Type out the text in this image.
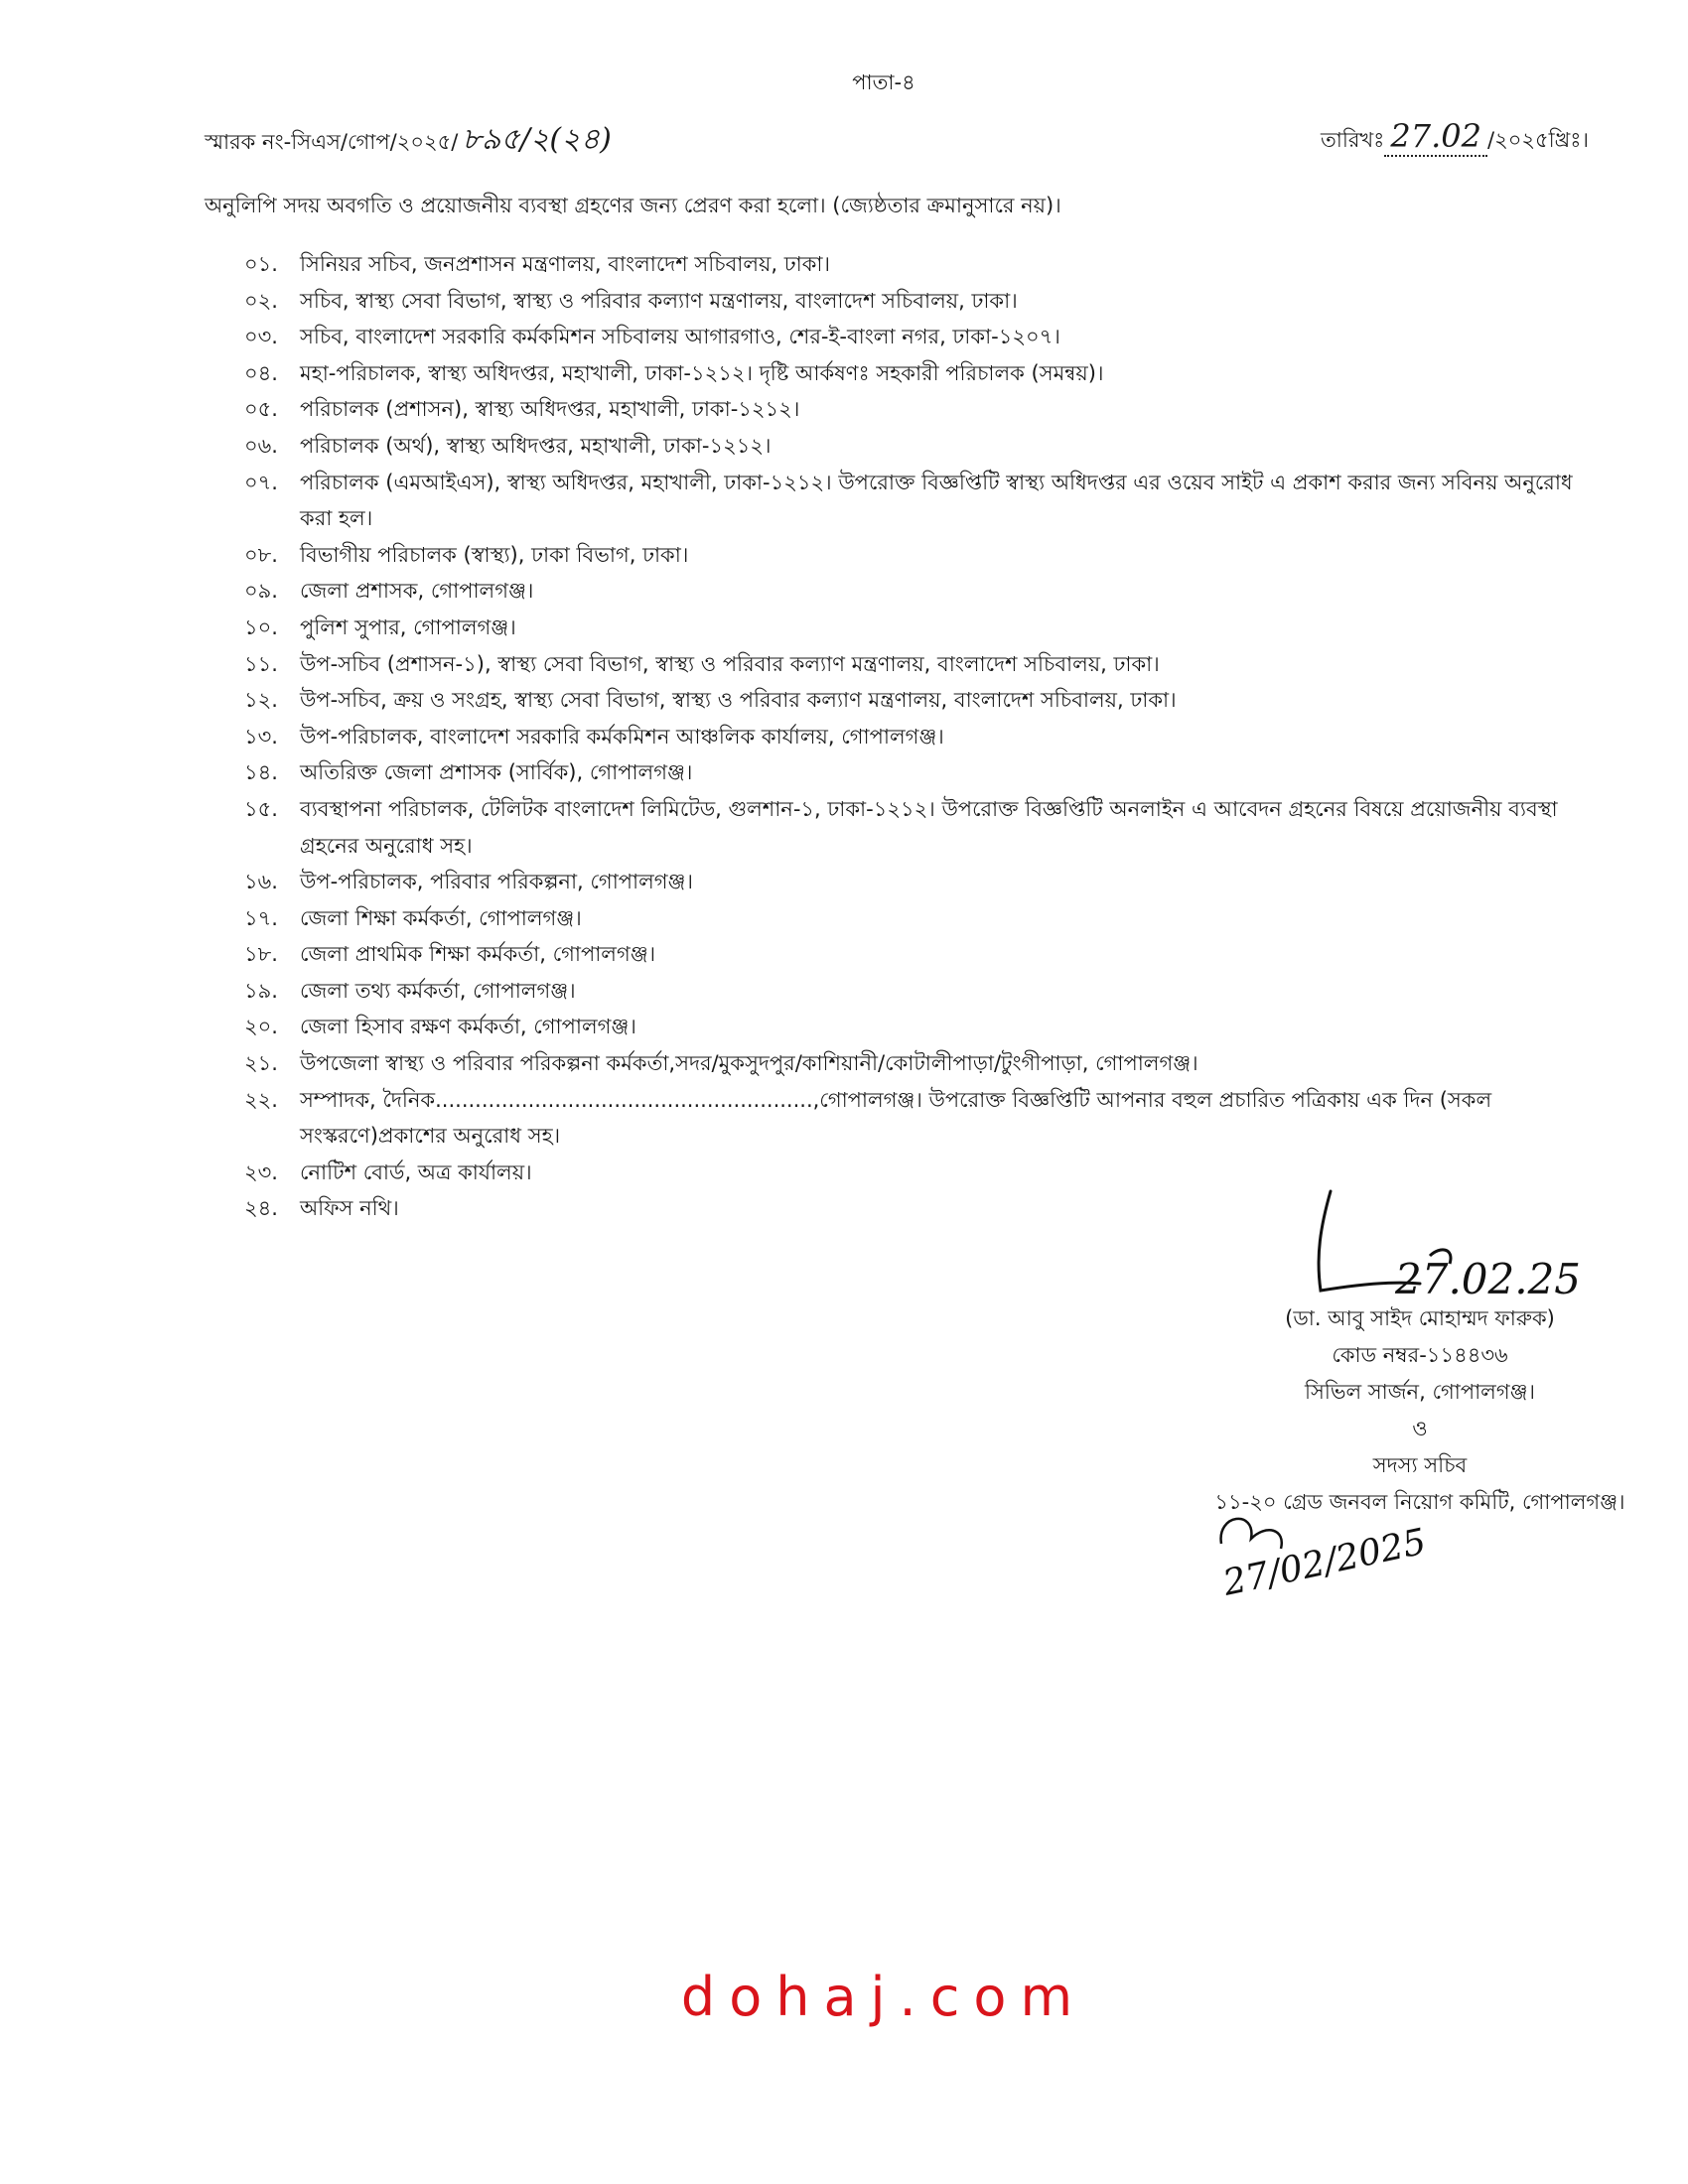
পাতা-৪
স্মারক নং-সিএস/গোপ/২০২৫/ ৮৯৫/২(২৪)	তারিখঃ 27.02 /২০২৫খ্রিঃ।
অনুলিপি সদয় অবগতি ও প্রয়োজনীয় ব্যবস্থা গ্রহণের জন্য প্রেরণ করা হলো। (জ্যেষ্ঠতার ক্রমানুসারে নয়)।
০১. সিনিয়র সচিব, জনপ্রশাসন মন্ত্রণালয়, বাংলাদেশ সচিবালয়, ঢাকা।
০২. সচিব, স্বাস্থ্য সেবা বিভাগ, স্বাস্থ্য ও পরিবার কল্যাণ মন্ত্রণালয়, বাংলাদেশ সচিবালয়, ঢাকা।
০৩. সচিব, বাংলাদেশ সরকারি কর্মকমিশন সচিবালয় আগারগাও, শের-ই-বাংলা নগর, ঢাকা-১২০৭।
০৪. মহা-পরিচালক, স্বাস্থ্য অধিদপ্তর, মহাখালী, ঢাকা-১২১২। দৃষ্টি আর্কষণঃ সহকারী পরিচালক (সমন্বয়)।
০৫. পরিচালক (প্রশাসন), স্বাস্থ্য অধিদপ্তর, মহাখালী, ঢাকা-১২১২।
০৬. পরিচালক (অর্থ), স্বাস্থ্য অধিদপ্তর, মহাখালী, ঢাকা-১২১২।
০৭. পরিচালক (এমআইএস), স্বাস্থ্য অধিদপ্তর, মহাখালী, ঢাকা-১২১২। উপরোক্ত বিজ্ঞপ্তিটি স্বাস্থ্য অধিদপ্তর এর ওয়েব সাইট এ প্রকাশ করার জন্য সবিনয় অনুরোধ করা হল।
০৮. বিভাগীয় পরিচালক (স্বাস্থ্য), ঢাকা বিভাগ, ঢাকা।
০৯. জেলা প্রশাসক, গোপালগঞ্জ।
১০. পুলিশ সুপার, গোপালগঞ্জ।
১১. উপ-সচিব (প্রশাসন-১), স্বাস্থ্য সেবা বিভাগ, স্বাস্থ্য ও পরিবার কল্যাণ মন্ত্রণালয়, বাংলাদেশ সচিবালয়, ঢাকা।
১২. উপ-সচিব, ক্রয় ও সংগ্রহ, স্বাস্থ্য সেবা বিভাগ, স্বাস্থ্য ও পরিবার কল্যাণ মন্ত্রণালয়, বাংলাদেশ সচিবালয়, ঢাকা।
১৩. উপ-পরিচালক, বাংলাদেশ সরকারি কর্মকমিশন আঞ্চলিক কার্যালয়, গোপালগঞ্জ।
১৪. অতিরিক্ত জেলা প্রশাসক (সার্বিক), গোপালগঞ্জ।
১৫. ব্যবস্থাপনা পরিচালক, টেলিটক বাংলাদেশ লিমিটেড, গুলশান-১, ঢাকা-১২১২। উপরোক্ত বিজ্ঞপ্তিটি অনলাইন এ আবেদন গ্রহনের বিষয়ে প্রয়োজনীয় ব্যবস্থা গ্রহনের অনুরোধ সহ।
১৬. উপ-পরিচালক, পরিবার পরিকল্পনা, গোপালগঞ্জ।
১৭. জেলা শিক্ষা কর্মকর্তা, গোপালগঞ্জ।
১৮. জেলা প্রাথমিক শিক্ষা কর্মকর্তা, গোপালগঞ্জ।
১৯. জেলা তথ্য কর্মকর্তা, গোপালগঞ্জ।
২০. জেলা হিসাব রক্ষণ কর্মকর্তা, গোপালগঞ্জ।
২১. উপজেলা স্বাস্থ্য ও পরিবার পরিকল্পনা কর্মকর্তা,সদর/মুকসুদপুর/কাশিয়ানী/কোটালীপাড়া/টুংগীপাড়া, গোপালগঞ্জ।
২২. সম্পাদক, দৈনিক.........................................................,গোপালগঞ্জ। উপরোক্ত বিজ্ঞপ্তিটি আপনার বহুল প্রচারিত পত্রিকায় এক দিন (সকল সংস্করণে)প্রকাশের অনুরোধ সহ।
২৩. নোটিশ বোর্ড, অত্র কার্যালয়।
২৪. অফিস নথি।
27.02.25
(ডা. আবু সাইদ মোহাম্মদ ফারুক)
কোড নম্বর-১১৪৪৩৬
সিভিল সার্জন, গোপালগঞ্জ।
ও
সদস্য সচিব
১১-২০ গ্রেড জনবল নিয়োগ কমিটি, গোপালগঞ্জ।
27/02/2025
dohaj.com
